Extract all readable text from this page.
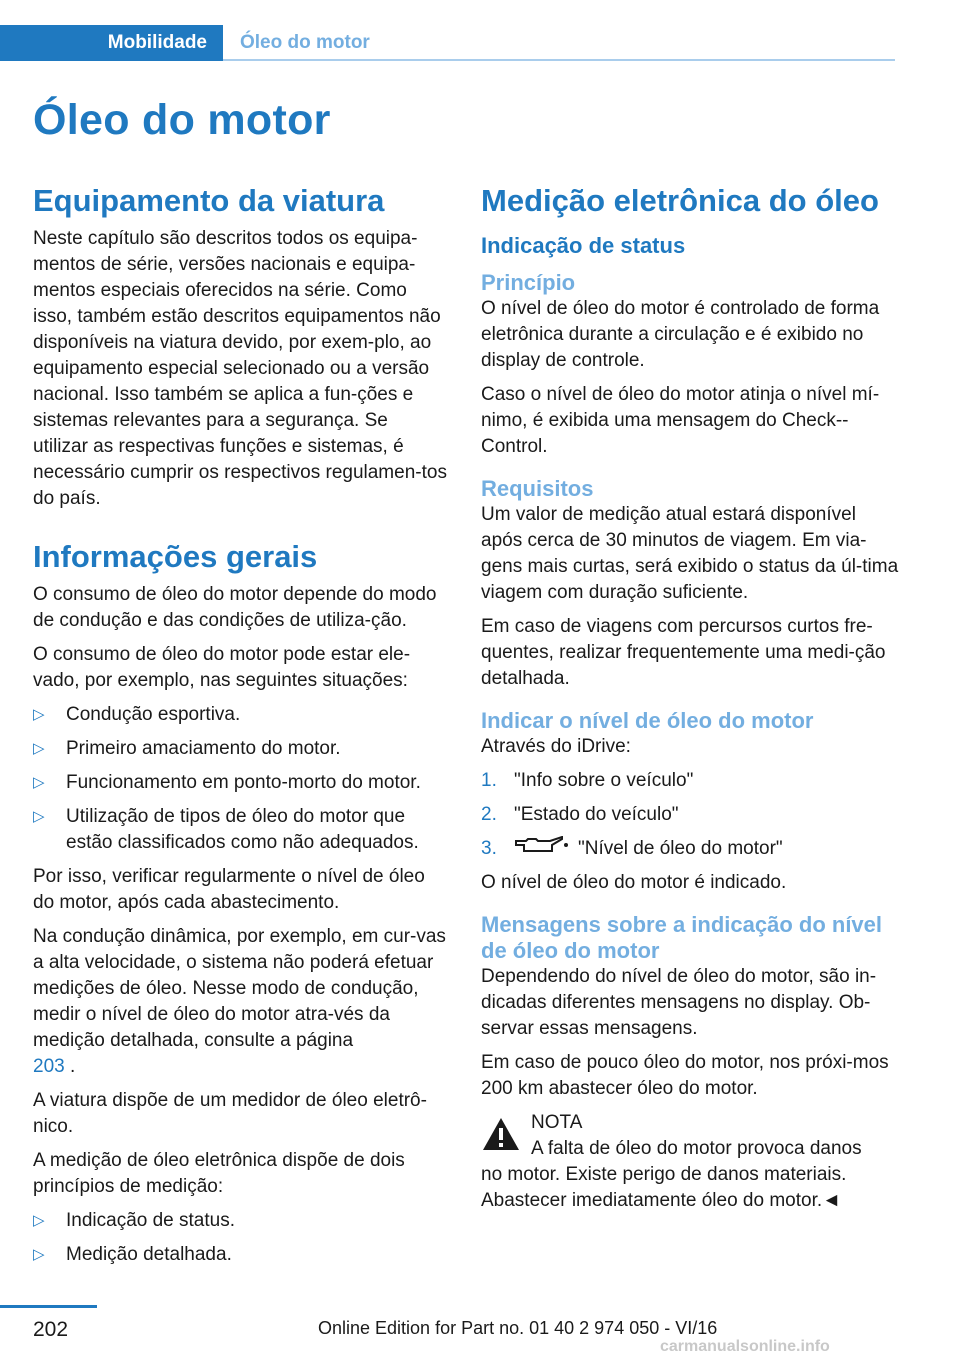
Mobilidade Óleo do motor
Óleo do motor
Equipamento da viatura

Neste capítulo são descritos todos os equipa-mentos de série, versões nacionais e equipa-mentos especiais oferecidos na série. Como isso, também estão descritos equipamentos não disponíveis na viatura devido, por exem-plo, ao equipamento especial selecionado ou a versão nacional. Isso também se aplica a fun-ções e sistemas relevantes para a segurança. Se utilizar as respectivas funções e sistemas, é necessário cumprir os respectivos regulamen-tos do país.

Informações gerais

O consumo de óleo do motor depende do modo de condução e das condições de utiliza-ção.

O consumo de óleo do motor pode estar ele-vado, por exemplo, nas seguintes situações:

▷ Condução esportiva.
▷ Primeiro amaciamento do motor.
▷ Funcionamento em ponto-morto do motor.
▷ Utilização de tipos de óleo do motor que estão classificados como não adequados.

Por isso, verificar regularmente o nível de óleo do motor, após cada abastecimento.

Na condução dinâmica, por exemplo, em cur-vas a alta velocidade, o sistema não poderá efetuar medições de óleo. Nesse modo de condução, medir o nível de óleo do motor atra-vés da medição detalhada, consulte a página
203 .

A viatura dispõe de um medidor de óleo eletrô-nico.

A medição de óleo eletrônica dispõe de dois princípios de medição:

▷ Indicação de status.
▷ Medição detalhada.
Medição eletrônica do óleo
Indicação de status
Princípio

O nível de óleo do motor é controlado de forma eletrônica durante a circulação e é exibido no display de controle.

Caso o nível de óleo do motor atinja o nível mí-nimo, é exibida uma mensagem do Check--Control.

Requisitos

Um valor de medição atual estará disponível após cerca de 30 minutos de viagem. Em via-gens mais curtas, será exibido o status da úl-tima viagem com duração suficiente.

Em caso de viagens com percursos curtos fre-quentes, realizar frequentemente uma medi-ção detalhada.

Indicar o nível de óleo do motor

Através do iDrive:

1. "Info sobre o veículo"
2. "Estado do veículo"
3.	"Nível de óleo do motor"

O nível de óleo do motor é indicado.

Mensagens sobre a indicação do nível de óleo do motor

Dependendo do nível de óleo do motor, são in-dicadas diferentes mensagens no display. Ob-servar essas mensagens.

Em caso de pouco óleo do motor, nos próxi-mos 200 km abastecer óleo do motor.

NOTA
A falta de óleo do motor provoca danos
no motor. Existe perigo de danos materiais. Abastecer imediatamente óleo do motor.◄
202	Online Edition for Part no. 01 40 2 974 050 - VI/16
carmanualsonline.info
